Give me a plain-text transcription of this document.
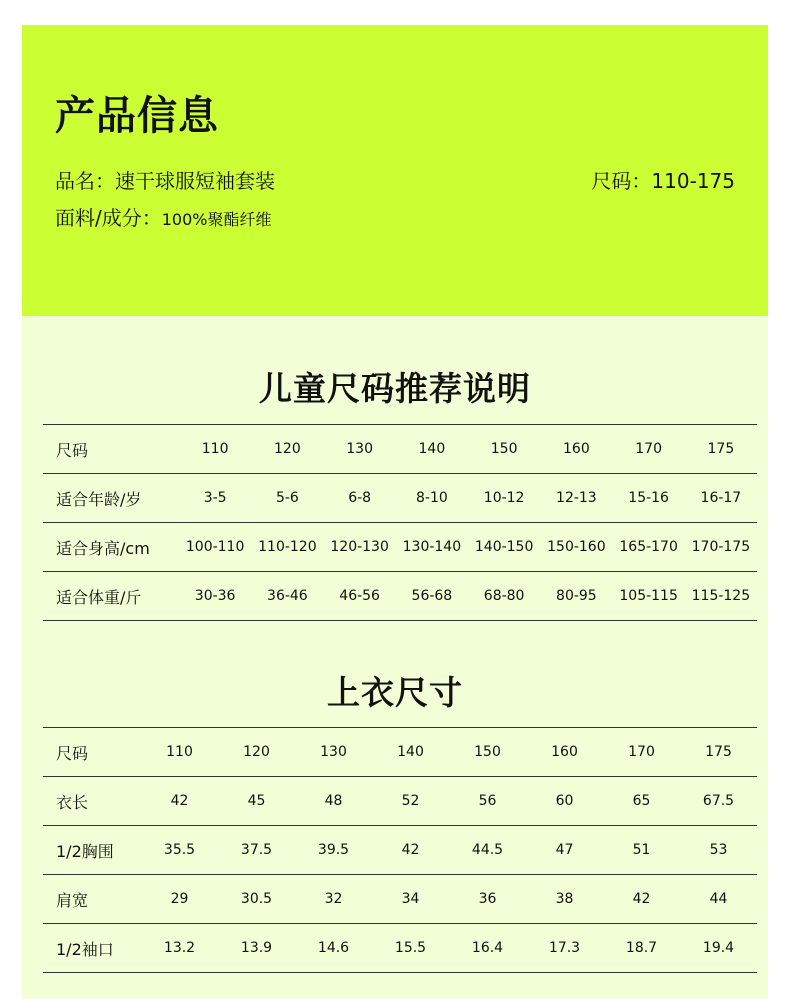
产品信息
品名：速干球服短袖套装	尺码：110-175
面料/成分：100%聚酯纤维
儿童尺码推荐说明
尺码	110	120	130	140	150	160	170	175
适合年龄/岁	3-5	5-6	6-8	8-10	10-12	12-13	15-16	16-17
适合身高/cm	100-110	110-120	120-130	130-140	140-150	150-160	165-170	170-175
适合体重/斤	30-36	36-46	46-56	56-68	68-80	80-95	105-115	115-125
上衣尺寸
尺码	110	120	130	140	150	160	170	175
衣长	42	45	48	52	56	60	65	67.5
1/2胸围	35.5	37.5	39.5	42	44.5	47	51	53
肩宽	29	30.5	32	34	36	38	42	44
1/2袖口	13.2	13.9	14.6	15.5	16.4	17.3	18.7	19.4
